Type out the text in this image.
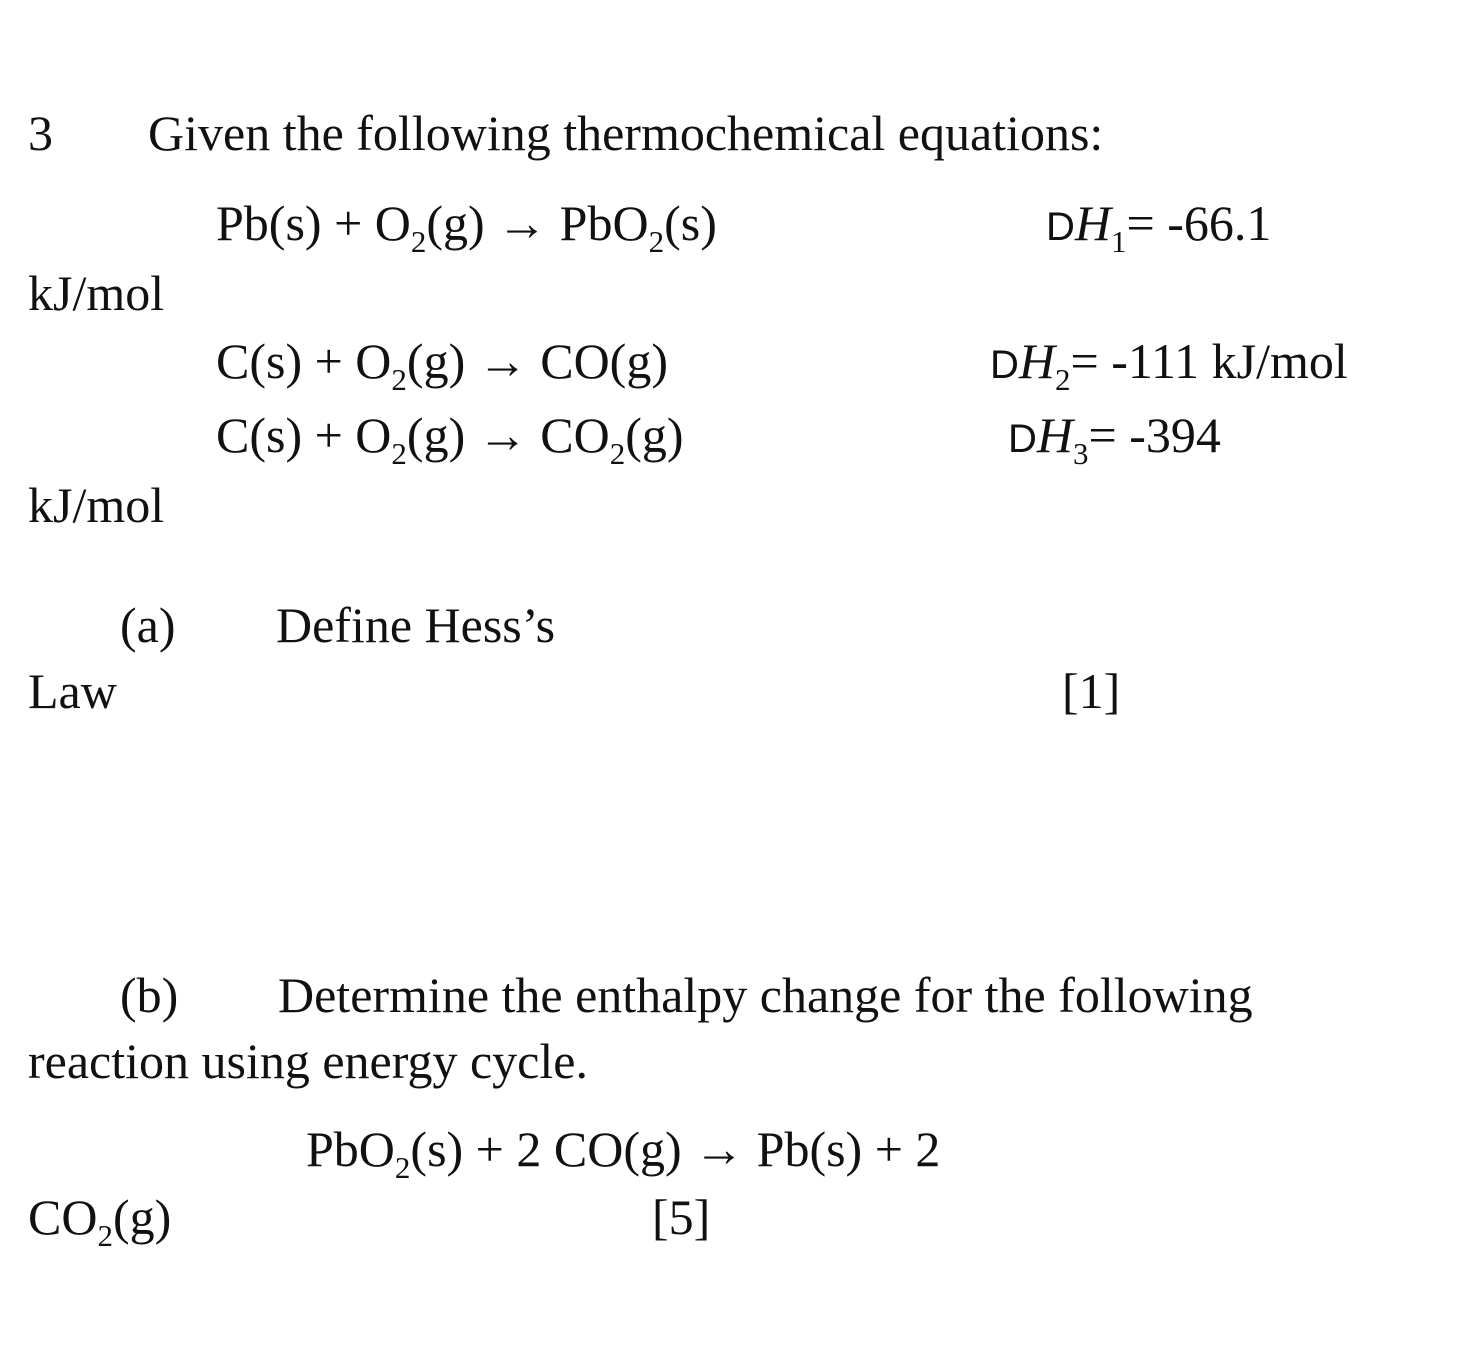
3 Given the following thermochemical equations:
$Pb(s) + O_2(g) \to PbO_2(s)$	$DH_1= -66.1$
kJ/mol
$C(s) + O_2(g) \to CO(g)$	$DH_2= -111$ kJ/mol
$C(s) + O_2(g) \to CO_2(g)$	$DH_3= -394$
kJ/mol
(a) Define Hess’s
Law	[1]
(b) Determine the enthalpy change for the following
reaction using energy cycle.
PbO$_2$(s) + 2 CO(g) → Pb(s) + 2
$CO_2(g)$	[5]
